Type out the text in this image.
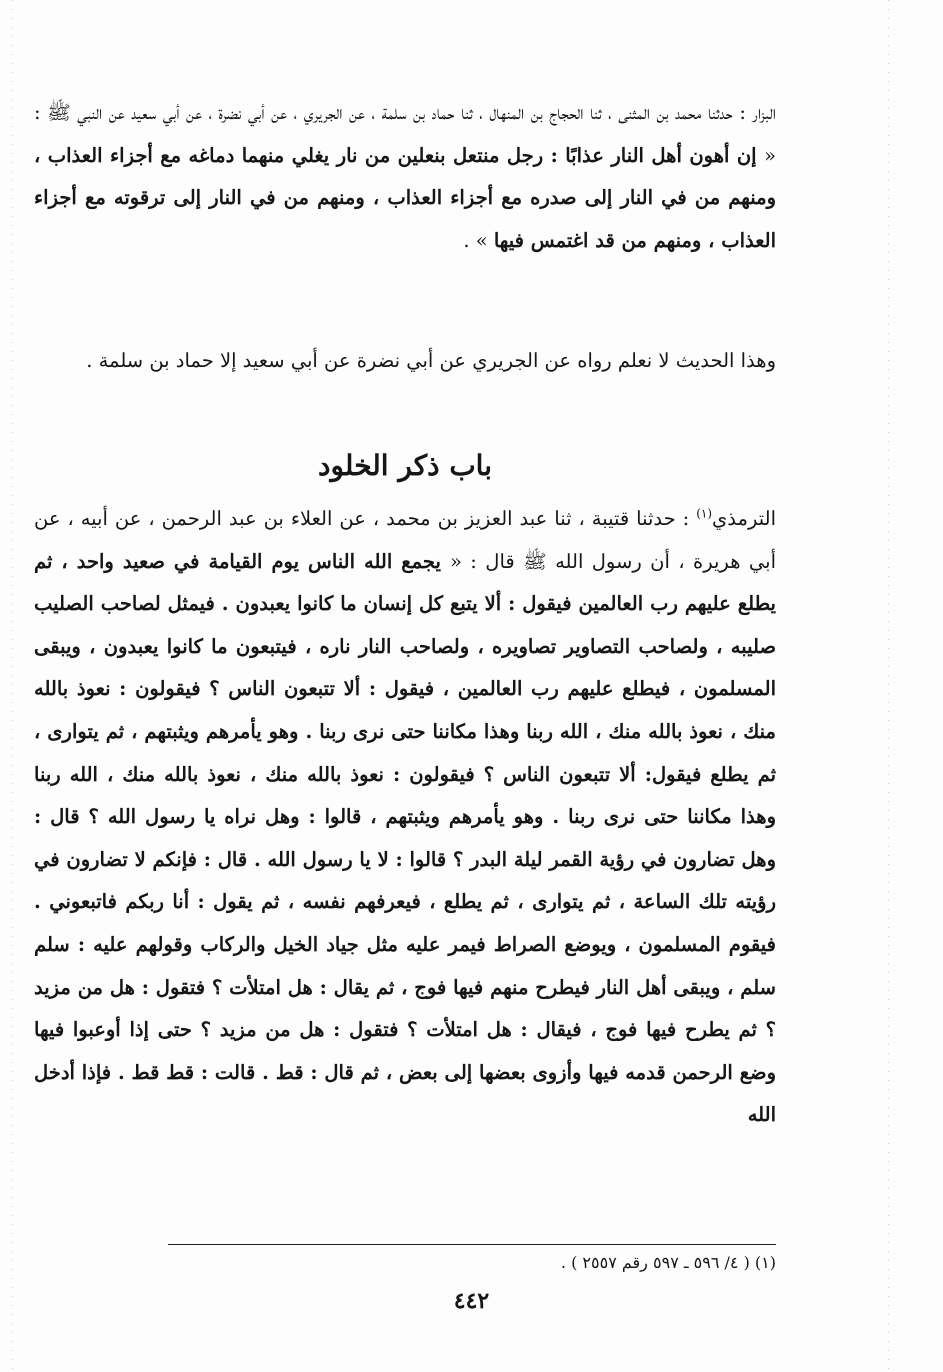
البزار : حدثنا محمد بن المثنى ، ثنا الحجاج بن المنهال ، ثنا حماد بن سلمة ، عن الجريري ، عن أبي نضرة ، عن أبي سعيد عن النبي ﷺ : « إن أهون أهل النار عذابًا : رجل منتعل بنعلين من نار يغلي منهما دماغه مع أجزاء العذاب ، ومنهم من في النار إلى صدره مع أجزاء العذاب ، ومنهم من في النار إلى ترقوته مع أجزاء العذاب ، ومنهم من قد اغتمس فيها » .

وهذا الحديث لا نعلم رواه عن الجريري عن أبي نضرة عن أبي سعيد إلا حماد بن سلمة .

باب ذكر الخلود

الترمذي$^{(١)}$ : حدثنا قتيبة ، ثنا عبد العزيز بن محمد ، عن العلاء بن عبد الرحمن ، عن أبيه ، عن أبي هريرة ، أن رسول الله ﷺ قال : « يجمع الله الناس يوم القيامة في صعيد واحد ، ثم يطلع عليهم رب العالمين فيقول : ألا يتبع كل إنسان ما كانوا يعبدون . فيمثل لصاحب الصليب صليبه ، ولصاحب التصاوير تصاويره ، ولصاحب النار ناره ، فيتبعون ما كانوا يعبدون ، ويبقى المسلمون ، فيطلع عليهم رب العالمين ، فيقول : ألا تتبعون الناس ؟ فيقولون : نعوذ بالله منك ، نعوذ بالله منك ، الله ربنا وهذا مكاننا حتى نرى ربنا . وهو يأمرهم ويثبتهم ، ثم يتوارى ، ثم يطلع فيقول: ألا تتبعون الناس ؟ فيقولون : نعوذ بالله منك ، نعوذ بالله منك ، الله ربنا وهذا مكاننا حتى نرى ربنا . وهو يأمرهم ويثبتهم ، قالوا : وهل نراه يا رسول الله ؟ قال : وهل تضارون في رؤية القمر ليلة البدر ؟ قالوا : لا يا رسول الله . قال : فإنكم لا تضارون في رؤيته تلك الساعة ، ثم يتوارى ، ثم يطلع ، فيعرفهم نفسه ، ثم يقول : أنا ربكم فاتبعوني . فيقوم المسلمون ، ويوضع الصراط فيمر عليه مثل جياد الخيل والركاب وقولهم عليه : سلم سلم ، ويبقى أهل النار فيطرح منهم فيها فوج ، ثم يقال : هل امتلأت ؟ فتقول : هل من مزيد ؟ ثم يطرح فيها فوج ، فيقال : هل امتلأت ؟ فتقول : هل من مزيد ؟ حتى إذا أوعبوا فيها وضع الرحمن قدمه فيها وأزوى بعضها إلى بعض ، ثم قال : قط . قالت : قط قط . فإذا أدخل الله

(١) ( ٤/ ٥٩٦ ـ ٥٩٧ رقم ٢٥٥٧ ) .
٤٤٢
